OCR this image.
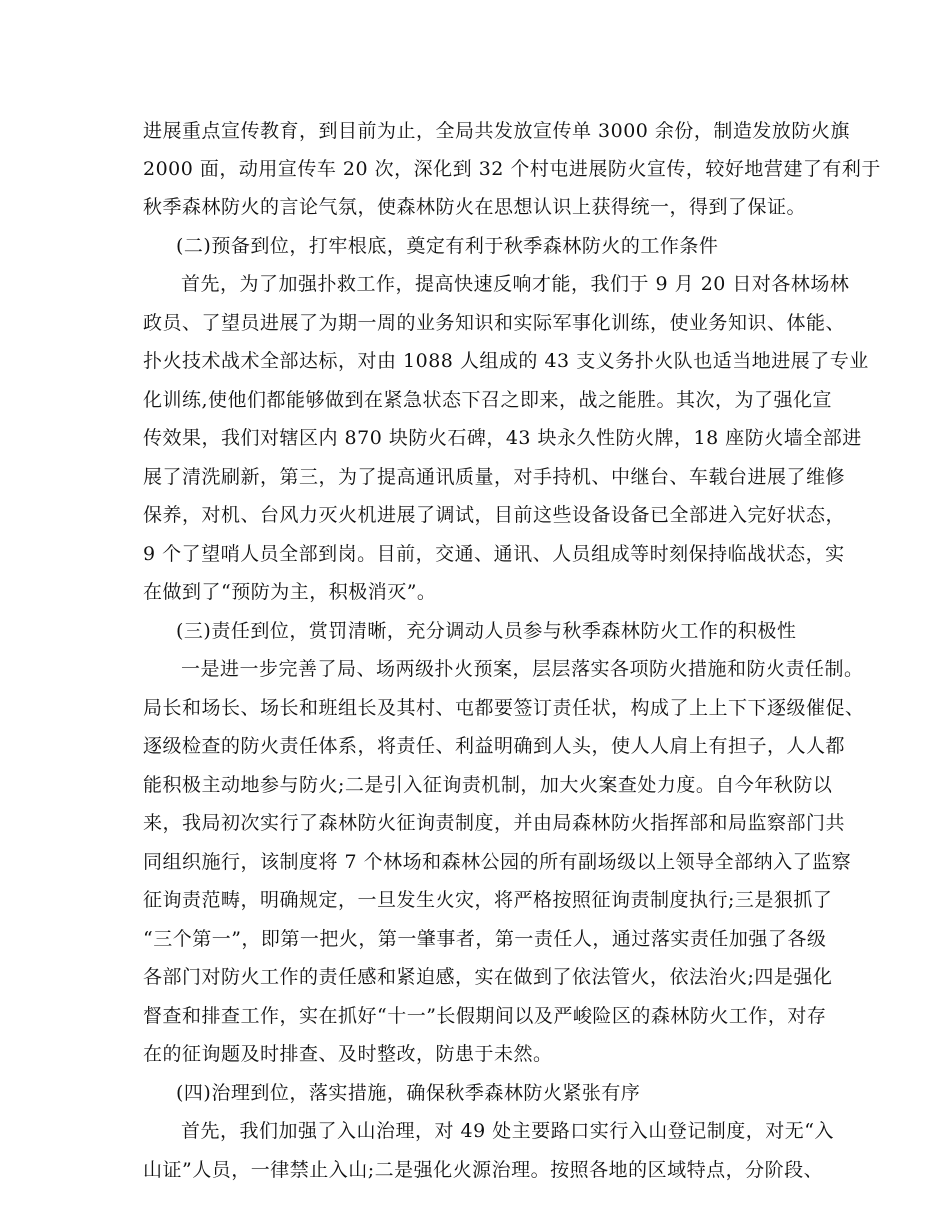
进展重点宣传教育，到目前为止，全局共发放宣传单 3000 余份，制造发放防火旗
2000 面，动用宣传车 20 次，深化到 32 个村屯进展防火宣传，较好地营建了有利于
秋季森林防火的言论气氛，使森林防火在思想认识上获得统一，得到了保证。
(二)预备到位，打牢根底，奠定有利于秋季森林防火的工作条件
首先，为了加强扑救工作，提高快速反响才能，我们于 9 月 20 日对各林场林
政员、了望员进展了为期一周的业务知识和实际军事化训练，使业务知识、体能、
扑火技术战术全部达标，对由 1088 人组成的 43 支义务扑火队也适当地进展了专业
化训练,使他们都能够做到在紧急状态下召之即来，战之能胜。其次，为了强化宣
传效果，我们对辖区内 870 块防火石碑，43 块永久性防火牌，18 座防火墙全部进
展了清洗刷新，第三，为了提高通讯质量，对手持机、中继台、车载台进展了维修
保养，对机、台风力灭火机进展了调试，目前这些设备设备已全部进入完好状态，
9 个了望哨人员全部到岗。目前，交通、通讯、人员组成等时刻保持临战状态，实
在做到了“预防为主，积极消灭”。
(三)责任到位，赏罚清晰，充分调动人员参与秋季森林防火工作的积极性
一是进一步完善了局、场两级扑火预案，层层落实各项防火措施和防火责任制。
局长和场长、场长和班组长及其村、屯都要签订责任状，构成了上上下下逐级催促、
逐级检查的防火责任体系，将责任、利益明确到人头，使人人肩上有担子，人人都
能积极主动地参与防火;二是引入征询责机制，加大火案查处力度。自今年秋防以
来，我局初次实行了森林防火征询责制度，并由局森林防火指挥部和局监察部门共
同组织施行，该制度将 7 个林场和森林公园的所有副场级以上领导全部纳入了监察
征询责范畴，明确规定，一旦发生火灾，将严格按照征询责制度执行;三是狠抓了
“三个第一”，即第一把火，第一肇事者，第一责任人，通过落实责任加强了各级
各部门对防火工作的责任感和紧迫感，实在做到了依法管火，依法治火;四是强化
督查和排查工作，实在抓好“十一”长假期间以及严峻险区的森林防火工作，对存
在的征询题及时排查、及时整改，防患于未然。
(四)治理到位，落实措施，确保秋季森林防火紧张有序
首先，我们加强了入山治理，对 49 处主要路口实行入山登记制度，对无“入
山证”人员，一律禁止入山;二是强化火源治理。按照各地的区域特点，分阶段、
